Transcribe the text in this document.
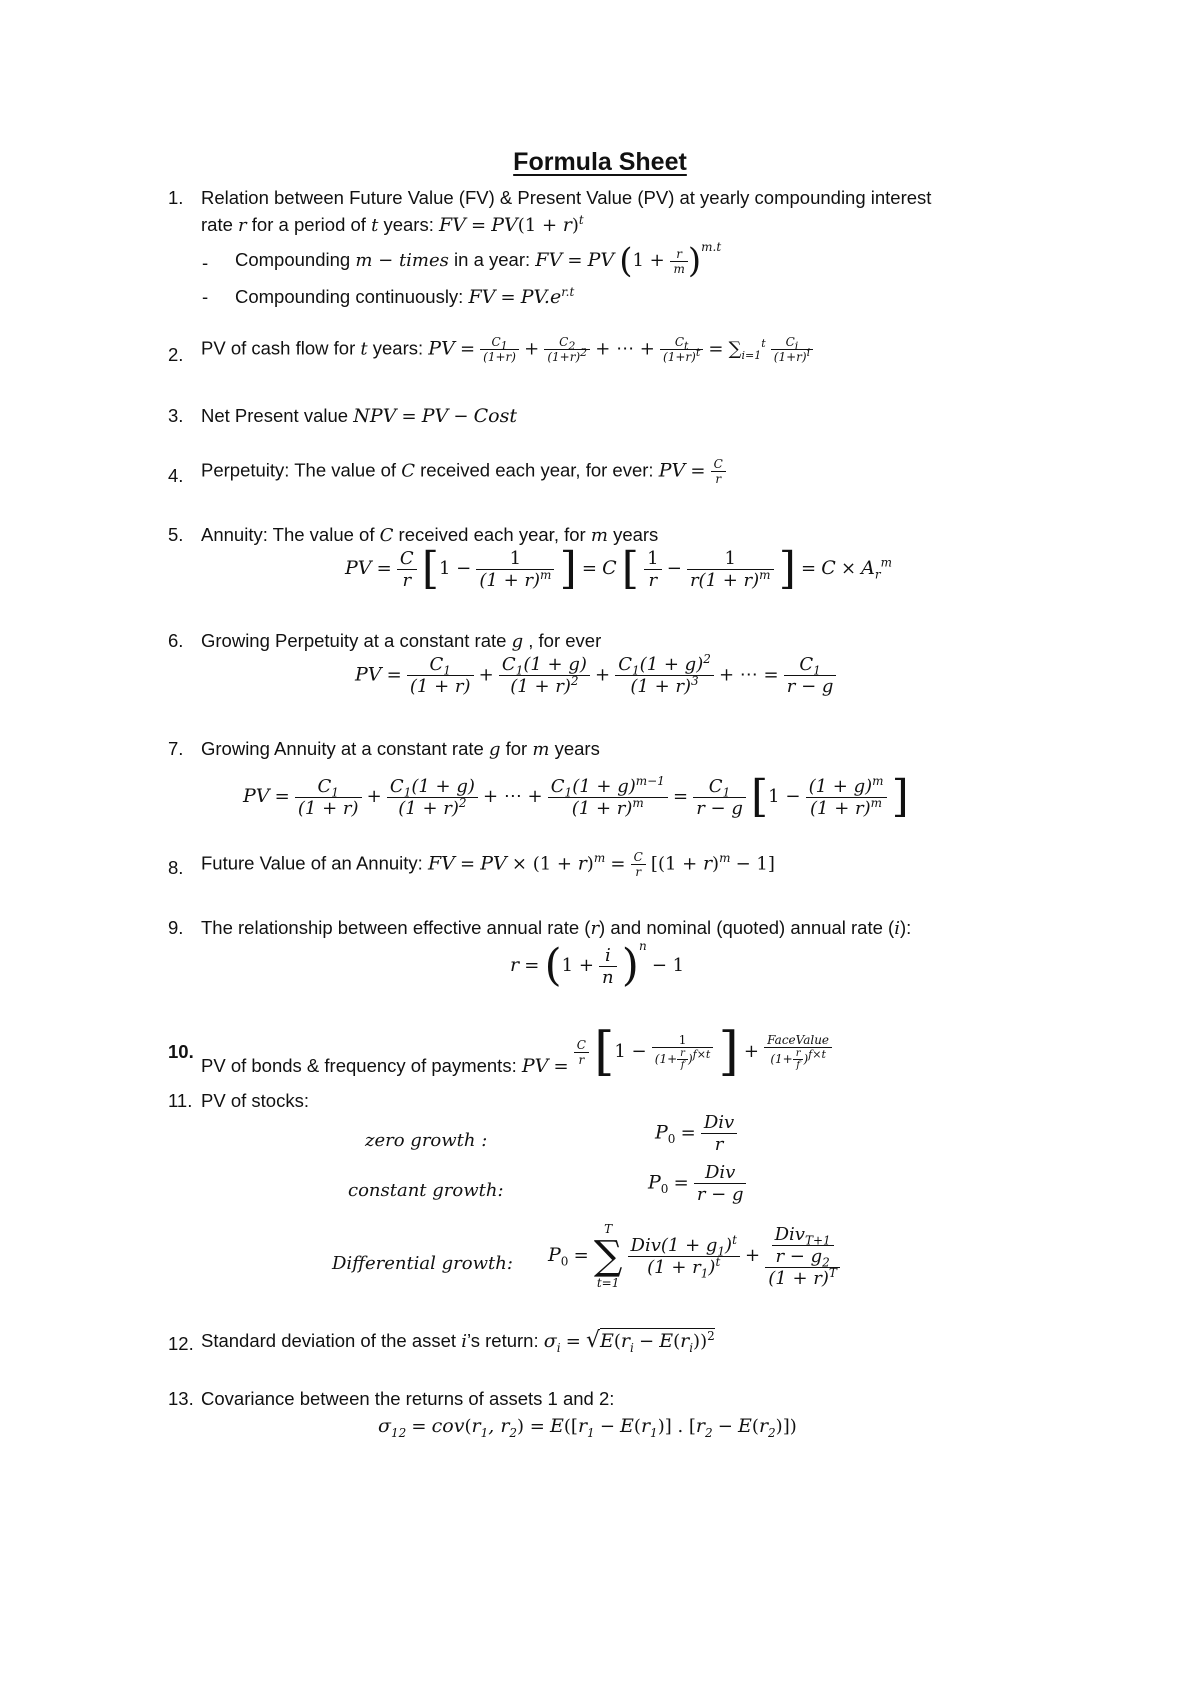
Formula Sheet
1. Relation between Future Value (FV) & Present Value (PV) at yearly compounding interest
rate r for a period of t years: FV = $PV(1 + r)^t$
- Compounding m − times in a year: FV = PV $(1 + \frac{r}{m} )^{m.t}$
- Compounding continuously: FV = $PV.e^{r.t}$
2. PV of cash flow for t years: PV = $\frac{C_1}{(1+r)} + \frac{C_2}{(1+r)^2}$ + ⋯ + $\frac{C_t}{(1+r)^t} = \sum_{i=1}^t \frac{C_i}{(1+r)^i}$
3. Net Present value NPV = PV − Cost
4. Perpetuity: The value of C received each year, for ever: PV = $\frac{C}{r}$
5. Annuity: The value of C received each year, for m years
PV = $\frac{C}{r} [1 - \frac{1}{(1 + r)^m}$ ] = C [ $\frac{1}{r} - \frac{1}{r(1 + r)^m}$ ] = $C \times A_r^m$
6. Growing Perpetuity at a constant rate g , for ever
PV = $\frac{C_1}{(1 + r)} + \frac{C_1(1 + g)}{(1 + r)^2} + \frac{C_1(1 + g)^2}{(1 + r)^3}$ + ⋯ = $\frac{C_1}{r - g}$
7. Growing Annuity at a constant rate g for m years
PV = $\frac{C_1}{(1 + r)} + \frac{C_1(1 + g)}{(1 + r)^2}$ + ⋯ + $\frac{C_1(1 + g)^{m-1}}{(1 + r)^m} = \frac{C_1}{r - g} [1 - \frac{(1 + g)^m}{(1 + r)^m}$ ]
8. Future Value of an Annuity: FV = PV × $(1 + r)^m = \frac{C}{r} [(1 + r)^m - 1]$
9. The relationship between effective annual rate (r) and nominal (quoted) annual rate (i):
$r = (1 + \frac{i}{n} )^n - 1$
10.
PV of bonds & frequency of payments: PV = $\frac{C}{r} [1 - \frac{1}{(1+ \frac{r}{f} )^{f\times t}}$ ] + $\frac{\text{FaceValue}}{(1+ \frac{r}{f} )^{f\times t}}$
11. PV of stocks:
zero growth :	$P_0 = \frac{\text{Div}}{r}$
constant growth:	$P_0 = \frac{\text{Div}}{r - g}$
Differential growth: $P_0$ =
T
∑
t=1

$\frac{Div(1 + g_1)^t}{(1 + r_1)^t} + \frac{\frac{Div_{T+1}}{r - g_2}}{(1 + r)^T}$
12. Standard deviation of the asset i’s return: $\sigma_i = √E(r_i - E(r_i))^2$
13. Covariance between the returns of assets 1 and 2:
$\sigma_{12} = cov(r_1$, $r_2) = E([r_1 - E(r_1)]$ . $[r_2 - E(r_2)]$)
